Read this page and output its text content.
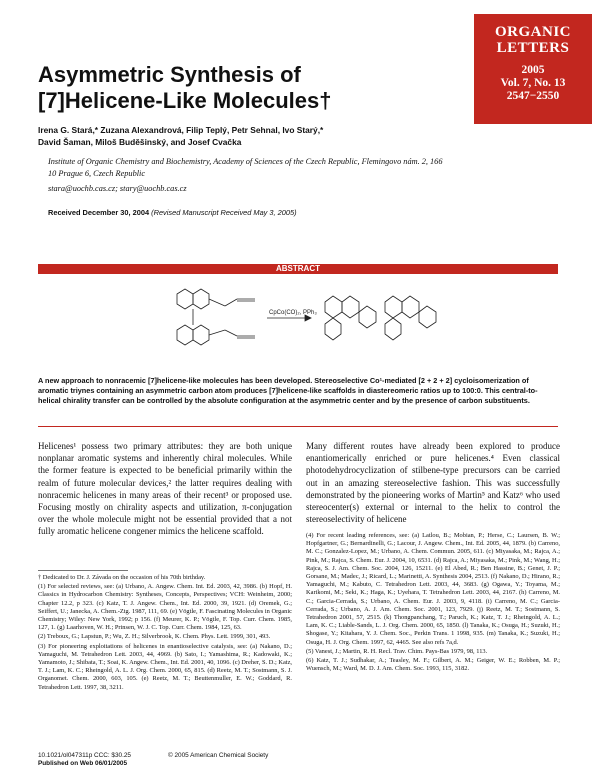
ORGANIC
LETTERS
2005
Vol. 7, No. 13
2547−2550
Asymmetric Synthesis of
[7]Helicene-Like Molecules†
Irena G. Stará,* Zuzana Alexandrová, Filip Teplý, Petr Sehnal, Ivo Starý,*
David Šaman, Miloš Buděšinský, and Josef Cvačka
Institute of Organic Chemistry and Biochemistry, Academy of Sciences of the Czech Republic, Flemingovo nám. 2, 166 10 Prague 6, Czech Republic
stara@uochb.cas.cz; stary@uochb.cas.cz
Received December 30, 2004 (Revised Manuscript Received May 3, 2005)
ABSTRACT
CpCo(CO)₂, PPh₃
A new approach to nonracemic [7]helicene-like molecules has been developed. Stereoselective Co¹-mediated [2 + 2 + 2] cycloisomerization of aromatic triynes containing an asymmetric carbon atom produces [7]helicene-like scaffolds in diastereomeric ratios up to 100:0. This central-to-helical chirality transfer can be controlled by the absolute configuration at the asymmetric center and by the presence of carbon substituents.
Helicenes¹ possess two primary attributes: they are both unique nonplanar aromatic systems and inherently chiral molecules. While the former feature is expected to be beneficial primarily within the realm of future molecular devices,² the latter requires dealing with nonracemic helicenes in many areas of their recent³ or proposed use. Focusing mostly on chirality aspects and utilization, π-conjugation over the whole molecule might not be essential provided that a not fully aromatic helicene congener mimics the helicene scaffold.
Many different routes have already been explored to produce enantiomerically enriched or pure helicenes.⁴ Even classical photodehydrocyclization of stilbene-type precursors can be carried out in an amazing stereoselective fashion. This was successfully demonstrated by the pioneering works of Martin⁵ and Katz⁶ who used stereocenter(s) external or internal to the helix to control the stereoselectivity of helicene

† Dedicated to Dr. J. Závada on the occasion of his 70th birthday.

(1) For selected reviews, see: (a) Urbano, A. Angew. Chem. Int. Ed. 2003, 42, 3986. (b) Hopf, H. Classics in Hydrocarbon Chemistry: Syntheses, Concepts, Perspectives; VCH: Weinheim, 2000; Chapter 12.2, p 323. (c) Katz, T. J. Angew. Chem., Int. Ed. 2000, 39, 1921. (d) Oremek, G.; Seiffert, U.; Janecka, A. Chem.-Ztg. 1987, 111, 69. (e) Vögtle, F. Fascinating Molecules in Organic Chemistry; Wiley: New York, 1992; p 156. (f) Meurer, K. P.; Vögtle, F. Top. Curr. Chem. 1985, 127, 1. (g) Laarhoven, W. H.; Prinsen, W. J. C. Top. Curr. Chem. 1984, 125, 63.

(2) Treboux, G.; Lapstun, P.; Wu, Z. H.; Silverbrook, K. Chem. Phys. Lett. 1999, 301, 493.

(3) For pioneering exploitations of helicenes in enantioselective catalysis, see: (a) Nakano, D.; Yamaguchi, M. Tetrahedron Lett. 2003, 44, 4969. (b) Sato, I.; Yamashima, R.; Kadowaki, K.; Yamamoto, J.; Shibata, T.; Soai, K. Angew. Chem., Int. Ed. 2001, 40, 1096. (c) Dreher, S. D.; Katz, T. J.; Lam, K. C.; Rheingold, A. L. J. Org. Chem. 2000, 65, 815. (d) Reetz, M. T.; Sostmann, S. J. Organomet. Chem. 2000, 603, 105. (e) Reetz, M. T.; Beuttenmuller, E. W.; Goddard, R. Tetrahedron Lett. 1997, 38, 3211.

(4) For recent leading references, see: (a) Latlou, B.; Mobian, P.; Herse, C.; Laursen, B. W.; Hopfgartner, G.; Bernardinelli, G.; Lacour, J. Angew. Chem., Int. Ed. 2005, 44, 1879. (b) Carreno, M. C.; Gonzalez-Lopez, M.; Urbano, A. Chem. Commun. 2005, 611. (c) Miyasaka, M.; Rajca, A.; Pink, M.; Rajca, S. Chem. Eur. J. 2004, 10, 6531. (d) Rajca, A.; Miyasaka, M.; Pink, M.; Wang, H.; Rajca, S. J. Am. Chem. Soc. 2004, 126, 15211. (e) El Abed, R.; Ben Hassine, B.; Genet, J. P.; Gorsane, M.; Madec, J.; Ricard, L.; Marinetti, A. Synthesis 2004, 2513. (f) Nakano, D.; Hirano, R.; Yamaguchi, M.; Kabuto, C. Tetrahedron Lett. 2003, 44, 3683. (g) Ogawa, Y.; Toyama, M.; Karikomi, M.; Seki, K.; Haga, K.; Uyehara, T. Tetrahedron Lett. 2003, 44, 2167. (h) Carreno, M. C.; Garcia-Cerrada, S.; Urbano, A. Chem. Eur. J. 2003, 9, 4118. (i) Carreno, M. C.; Garcia-Cerrada, S.; Urbano, A. J. Am. Chem. Soc. 2001, 123, 7929. (j) Reetz, M. T.; Sostmann, S. Tetrahedron 2001, 57, 2515. (k) Thongpanchang, T.; Paruch, K.; Katz, T. J.; Rheingold, A. L.; Lam, K. C.; Liable-Sands, L. J. Org. Chem. 2000, 65, 1850. (l) Tanaka, K.; Osuga, H.; Suzuki, H.; Shogase, Y.; Kitahara, Y. J. Chem. Soc., Perkin Trans. 1 1998, 935. (m) Tanaka, K.; Suzuki, H.; Osuga, H. J. Org. Chem. 1997, 62, 4465. See also refs 7a,d.

(5) Vanest, J.; Martin, R. H. Recl. Trav. Chim. Pays-Bas 1979, 98, 113.

(6) Katz, T. J.; Sudhakar, A.; Teasley, M. F.; Gilbert, A. M.; Geiger, W. E.; Robben, M. P.; Wuensch, M.; Ward, M. D. J. Am. Chem. Soc. 1993, 115, 3182.

10.1021/ol047311p CCC: $30.25
Published on Web 06/01/2005
© 2005 American Chemical Society
